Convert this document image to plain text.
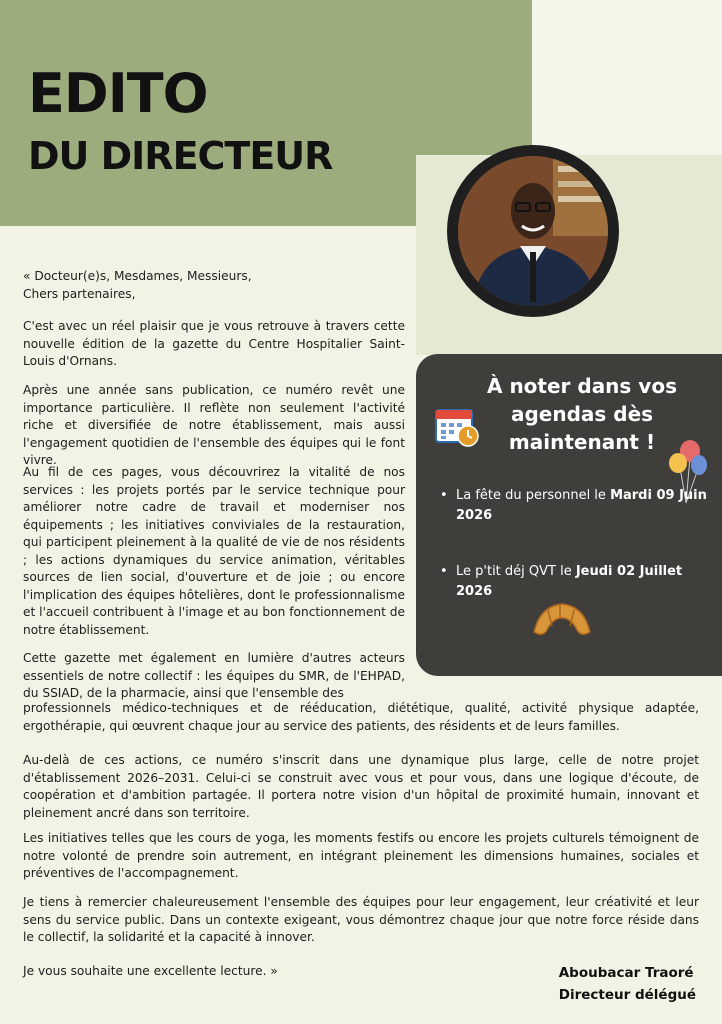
EDITO
DU DIRECTEUR
À noter dans vos agendas dès maintenant !
• La fête du personnel le Mardi 09 Juin 2026
• Le p'tit déj QVT le Jeudi 02 Juillet 2026
« Docteur(e)s, Mesdames, Messieurs,
Chers partenaires,
C'est avec un réel plaisir que je vous retrouve à travers cette nouvelle édition de la gazette du Centre Hospitalier Saint-Louis d'Ornans.
Après une année sans publication, ce numéro revêt une importance particulière. Il reflète non seulement l'activité riche et diversifiée de notre établissement, mais aussi l'engagement quotidien de l'ensemble des équipes qui le font vivre.
Au fil de ces pages, vous découvrirez la vitalité de nos services : les projets portés par le service technique pour améliorer notre cadre de travail et moderniser nos équipements ; les initiatives conviviales de la restauration, qui participent pleinement à la qualité de vie de nos résidents ; les actions dynamiques du service animation, véritables sources de lien social, d'ouverture et de joie ; ou encore l'implication des équipes hôtelières, dont le professionnalisme et l'accueil contribuent à l'image et au bon fonctionnement de notre établissement.
Cette gazette met également en lumière d'autres acteurs essentiels de notre collectif : les équipes du SMR, de l'EHPAD, du SSIAD, de la pharmacie, ainsi que l'ensemble des
professionnels médico-techniques et de rééducation, diététique, qualité, activité physique adaptée, ergothérapie, qui œuvrent chaque jour au service des patients, des résidents et de leurs familles.
Au-delà de ces actions, ce numéro s'inscrit dans une dynamique plus large, celle de notre projet d'établissement 2026–2031. Celui-ci se construit avec vous et pour vous, dans une logique d'écoute, de coopération et d'ambition partagée. Il portera notre vision d'un hôpital de proximité humain, innovant et pleinement ancré dans son territoire.
Les initiatives telles que les cours de yoga, les moments festifs ou encore les projets culturels témoignent de notre volonté de prendre soin autrement, en intégrant pleinement les dimensions humaines, sociales et préventives de l'accompagnement.
Je tiens à remercier chaleureusement l'ensemble des équipes pour leur engagement, leur créativité et leur sens du service public. Dans un contexte exigeant, vous démontrez chaque jour que notre force réside dans le collectif, la solidarité et la capacité à innover.
Je vous souhaite une excellente lecture. »	Aboubacar Traoré
Directeur délégué
